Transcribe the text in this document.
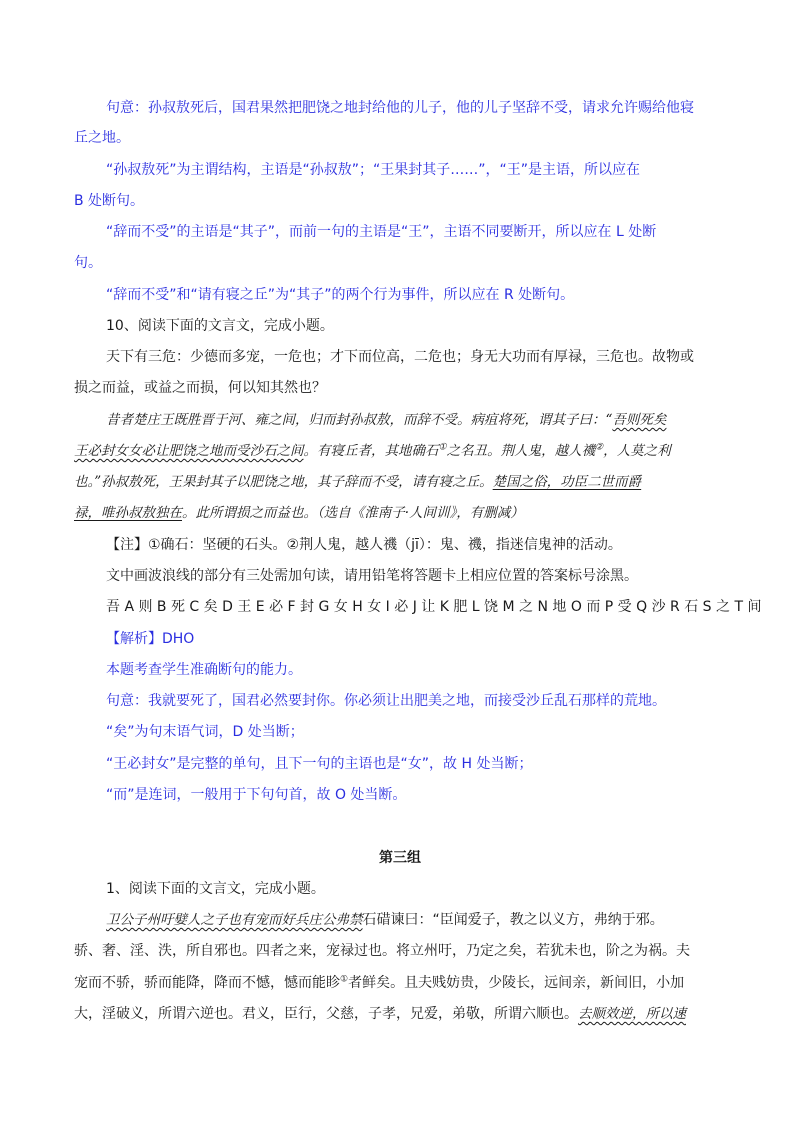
句意：孙叔敖死后，国君果然把肥饶之地封给他的儿子，他的儿子坚辞不受，请求允许赐给他寝
丘之地。
“孙叔敖死”为主谓结构，主语是“孙叔敖”；“王果封其子……”，“王”是主语，所以应在
B 处断句。
“辞而不受”的主语是“其子”，而前一句的主语是“王”，主语不同要断开，所以应在 L 处断
句。
“辞而不受”和“请有寝之丘”为“其子”的两个行为事件，所以应在 R 处断句。
10、阅读下面的文言文，完成小题。
天下有三危：少德而多宠，一危也；才下而位高，二危也；身无大功而有厚禄，三危也。故物或
损之而益，或益之而损，何以知其然也？
昔者楚庄王既胜晋于河、雍之间，归而封孙叔敖，而辞不受。病疽将死，谓其子曰：“吾则死矣
王必封女女必让肥饶之地而受沙石之间。有寝丘者，其地确石①之名丑。荆人鬼，越人禨②，人莫之利
也。”孙叔敖死，王果封其子以肥饶之地，其子辞而不受，请有寝之丘。楚国之俗，功臣二世而爵
禄，唯孙叔敖独在。此所谓损之而益也。（选自《淮南子·人间训》，有删减）
【注】①确石：坚硬的石头。②荆人鬼，越人禨（jī）：鬼、禨，指迷信鬼神的活动。
文中画波浪线的部分有三处需加句读，请用铅笔将答题卡上相应位置的答案标号涂黑。
吾 A 则 B 死 C 矣 D 王 E 必 F 封 G 女 H 女 I 必 J 让 K 肥 L 饶 M 之 N 地 O 而 P 受 Q 沙 R 石 S 之 T 间
【解析】DHO
本题考查学生准确断句的能力。
句意：我就要死了，国君必然要封你。你必须让出肥美之地，而接受沙丘乱石那样的荒地。
“矣”为句末语气词，D 处当断；
“王必封女”是完整的单句，且下一句的主语也是“女”，故 H 处当断；
“而”是连词，一般用于下句句首，故 O 处当断。
第三组
1、阅读下面的文言文，完成小题。
卫公子州吁嬖人之子也有宠而好兵庄公弗禁石碏谏曰：“臣闻爱子，教之以义方，弗纳于邪。
骄、奢、淫、泆，所自邪也。四者之来，宠禄过也。将立州吁，乃定之矣，若犹未也，阶之为祸。夫
宠而不骄，骄而能降，降而不憾，憾而能眕①者鲜矣。且夫贱妨贵，少陵长，远间亲，新间旧，小加
大，淫破义，所谓六逆也。君义，臣行，父慈，子孝，兄爱，弟敬，所谓六顺也。去顺效逆，所以速
